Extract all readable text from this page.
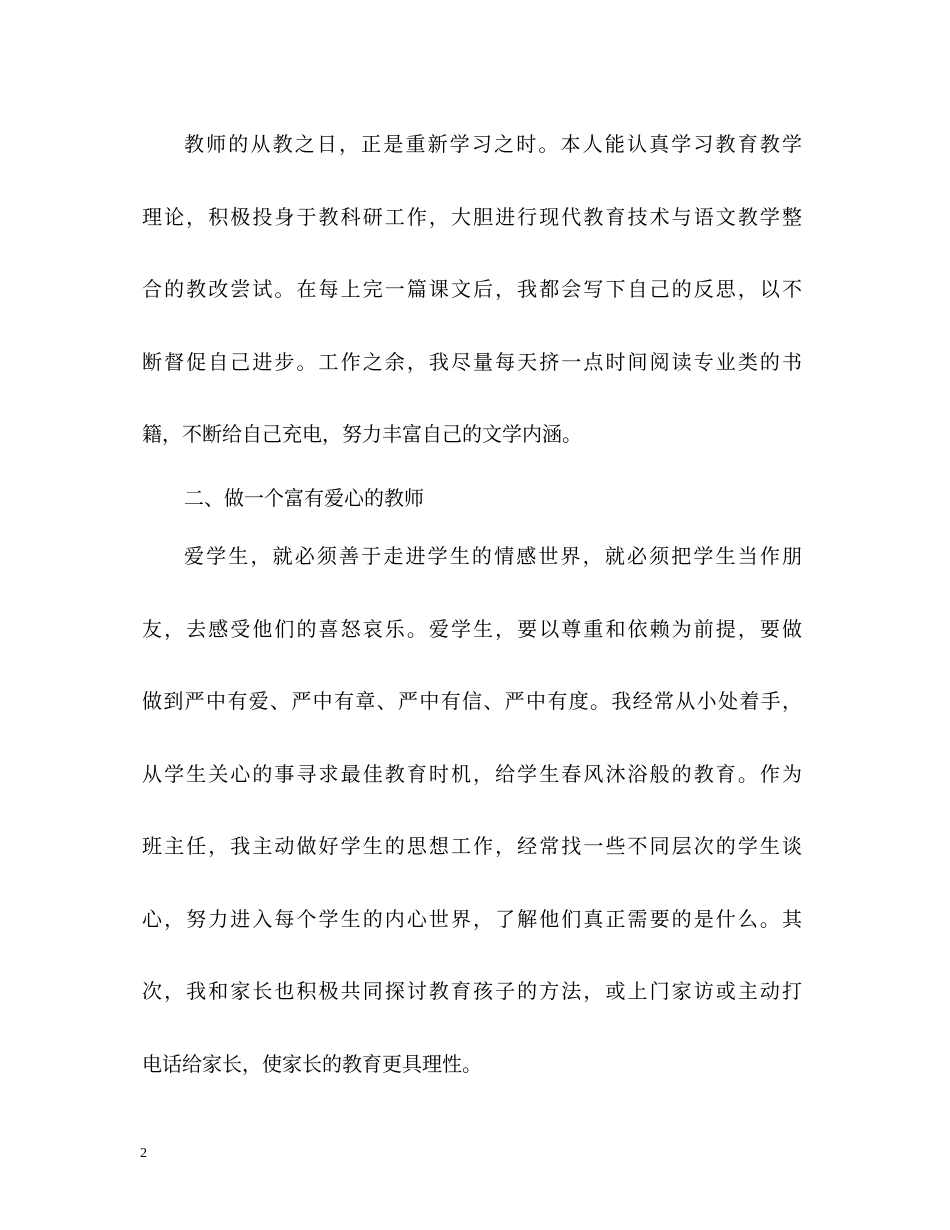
教师的从教之日，正是重新学习之时。本人能认真学习教育教学
理论，积极投身于教科研工作，大胆进行现代教育技术与语文教学整
合的教改尝试。在每上完一篇课文后，我都会写下自己的反思，以不
断督促自己进步。工作之余，我尽量每天挤一点时间阅读专业类的书
籍，不断给自己充电，努力丰富自己的文学内涵。
二、做一个富有爱心的教师
爱学生，就必须善于走进学生的情感世界，就必须把学生当作朋
友，去感受他们的喜怒哀乐。爱学生，要以尊重和依赖为前提，要做
做到严中有爱、严中有章、严中有信、严中有度。我经常从小处着手，
从学生关心的事寻求最佳教育时机，给学生春风沐浴般的教育。作为
班主任，我主动做好学生的思想工作，经常找一些不同层次的学生谈
心，努力进入每个学生的内心世界，了解他们真正需要的是什么。其
次，我和家长也积极共同探讨教育孩子的方法，或上门家访或主动打
电话给家长，使家长的教育更具理性。
2
